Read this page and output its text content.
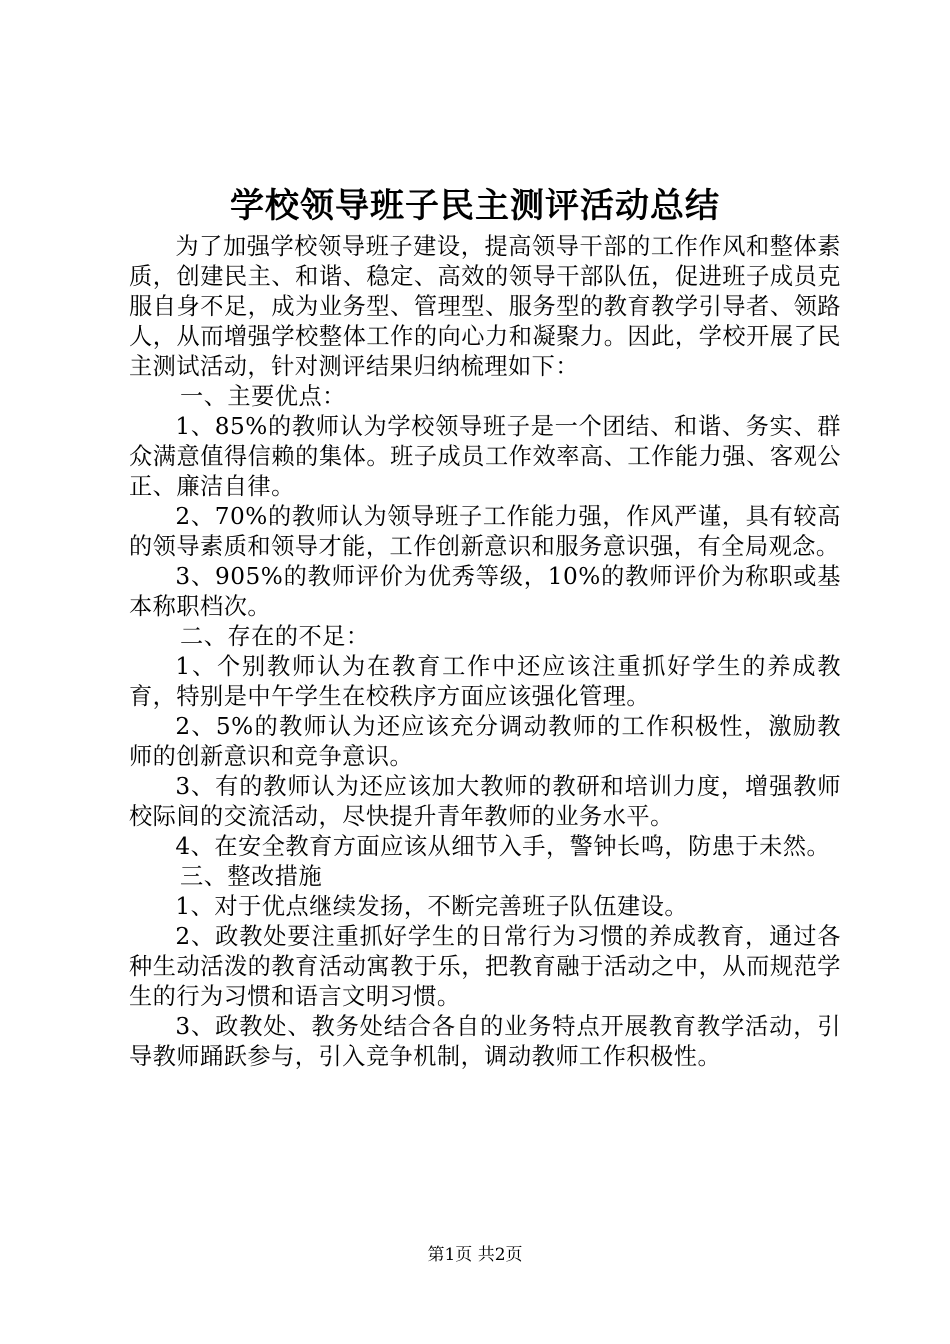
学校领导班子民主测评活动总结

为了加强学校领导班子建设，提高领导干部的工作作风和整体素质，创建民主、和谐、稳定、高效的领导干部队伍，促进班子成员克服自身不足，成为业务型、管理型、服务型的教育教学引导者、领路人，从而增强学校整体工作的向心力和凝聚力。因此，学校开展了民主测试活动，针对测评结果归纳梳理如下：

一、主要优点：

1、85%的教师认为学校领导班子是一个团结、和谐、务实、群众满意值得信赖的集体。班子成员工作效率高、工作能力强、客观公正、廉洁自律。

2、70%的教师认为领导班子工作能力强，作风严谨，具有较高的领导素质和领导才能，工作创新意识和服务意识强，有全局观念。

3、905%的教师评价为优秀等级，10%的教师评价为称职或基本称职档次。

二、存在的不足：

1、个别教师认为在教育工作中还应该注重抓好学生的养成教育，特别是中午学生在校秩序方面应该强化管理。

2、5%的教师认为还应该充分调动教师的工作积极性，激励教师的创新意识和竞争意识。

3、有的教师认为还应该加大教师的教研和培训力度，增强教师校际间的交流活动，尽快提升青年教师的业务水平。

4、在安全教育方面应该从细节入手，警钟长鸣，防患于未然。

三、整改措施

1、对于优点继续发扬，不断完善班子队伍建设。

2、政教处要注重抓好学生的日常行为习惯的养成教育，通过各种生动活泼的教育活动寓教于乐，把教育融于活动之中，从而规范学生的行为习惯和语言文明习惯。

3、政教处、教务处结合各自的业务特点开展教育教学活动，引导教师踊跃参与，引入竞争机制，调动教师工作积极性。

第1页 共2页
